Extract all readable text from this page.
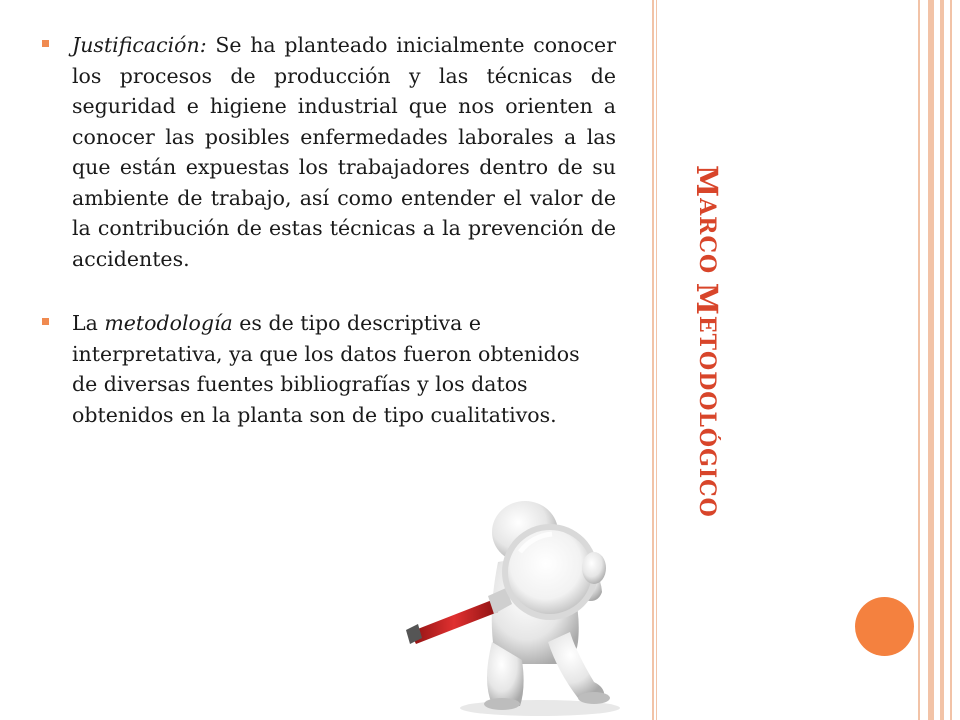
MARCO METODOLÓGICO
Justificación: Se ha planteado inicialmente conocer los procesos de producción y las técnicas de seguridad e higiene industrial que nos orienten a conocer las posibles enfermedades laborales a las que están expuestas los trabajadores dentro de su ambiente de trabajo, así como entender el valor de la contribución de estas técnicas a la prevención de accidentes.
La metodología es de tipo descriptiva e interpretativa, ya que los datos fueron obtenidos de diversas fuentes bibliografías y los datos obtenidos en la planta son de tipo cualitativos.
